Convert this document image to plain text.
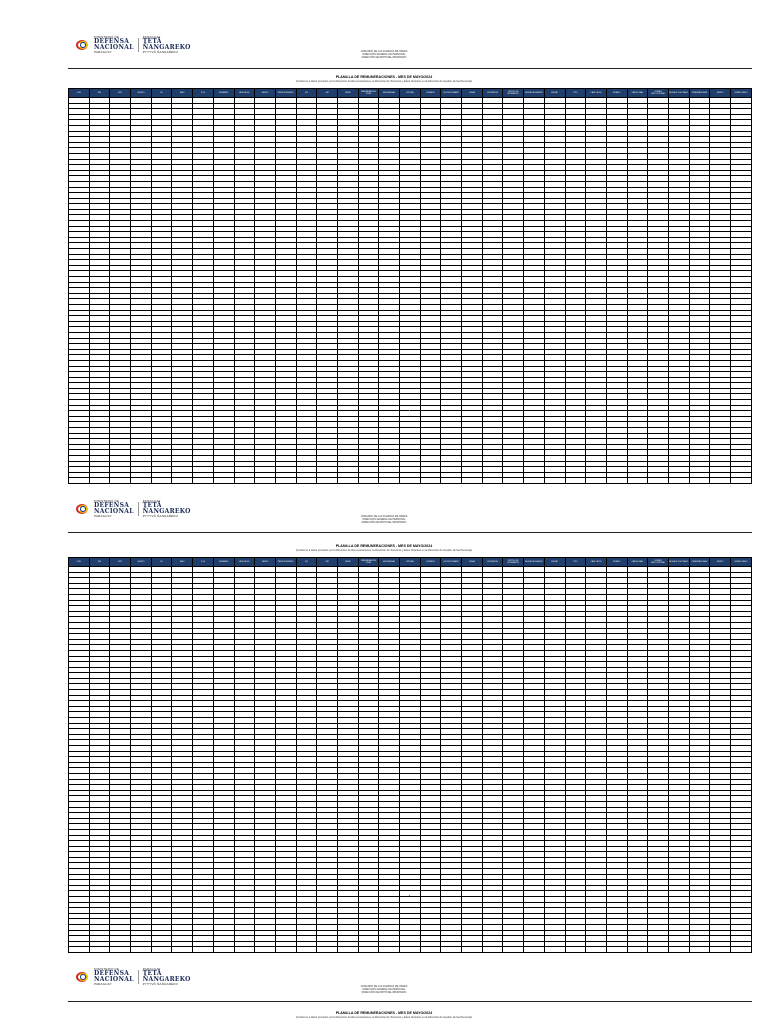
MINISTERIO DE
DEFENSA
NACIONAL
PARAGUAY
PARAGUAY
TETÃ
ÑANGAREKO
PYTYVÕ ÑANGAREKO	COMANDO DE LAS FUERZAS MILITARES
DIRECCIÓN GENERAL DE PERSONAL
DIRECCIÓN DE RRHH DEL MINISTERIO
PLANILLA DE REMUNERACIONES - MES DE MAYO/2024
(Conforme a datos provistos por la Dirección de Remuneraciones, la Dirección de Tesorería y datos obrantes en la Dirección de Gestión de las Personas)
ORG	NIV	ENT	OBJETO	FF	ANIO	C.I.N	NOMBRES	APELLIDOS	CARGO	PRESUPUESTADO	DIV	CAT	PERM	REMUNERACION TOTAL	ANTIGÜEDAD	OFICINA	HORARIO	ES FUNCIONARIO	PLAZA	PROFESION	MOTIVO DE MOVIMIENTO	FECHA DE INGRESO	DISCAP.	TIPO	CANT. HIJOS	ESTADO	CARGO REAL	CORREO INSTITUCIONAL	FECHA ULT. ACTUALIZ.	OBSERVACIONES	MONTO	ESTADO PAGO

MINISTERIO DE
DEFENSA
NACIONAL
PARAGUAY
PARAGUAY
TETÃ
ÑANGAREKO
PYTYVÕ ÑANGAREKO	COMANDO DE LAS FUERZAS MILITARES
DIRECCIÓN GENERAL DE PERSONAL
DIRECCIÓN DE RRHH DEL MINISTERIO
PLANILLA DE REMUNERACIONES - MES DE MAYO/2024
(Conforme a datos provistos por la Dirección de Remuneraciones, la Dirección de Tesorería y datos obrantes en la Dirección de Gestión de las Personas)
ORG	NIV	ENT	OBJETO	FF	ANIO	C.I.N	NOMBRES	APELLIDOS	CARGO	PRESUPUESTADO	DIV	CAT	PERM	REMUNERACION TOTAL	ANTIGÜEDAD	OFICINA	HORARIO	ES FUNCIONARIO	PLAZA	PROFESION	MOTIVO DE MOVIMIENTO	FECHA DE INGRESO	DISCAP.	TIPO	CANT. HIJOS	ESTADO	CARGO REAL	CORREO INSTITUCIONAL	FECHA ULT. ACTUALIZ.	OBSERVACIONES	MONTO	ESTADO PAGO

MINISTERIO DE
DEFENSA
NACIONAL
PARAGUAY
PARAGUAY
TETÃ
ÑANGAREKO
PYTYVÕ ÑANGAREKO
COMANDO DE LAS FUERZAS MILITARES
DIRECCIÓN GENERAL DE PERSONAL
DIRECCIÓN DE RRHH DEL MINISTERIO
PLANILLA DE REMUNERACIONES - MES DE MAYO/2024
(Conforme a datos provistos por la Dirección de Remuneraciones, la Dirección de Tesorería y datos obrantes en la Dirección de Gestión de las Personas)
